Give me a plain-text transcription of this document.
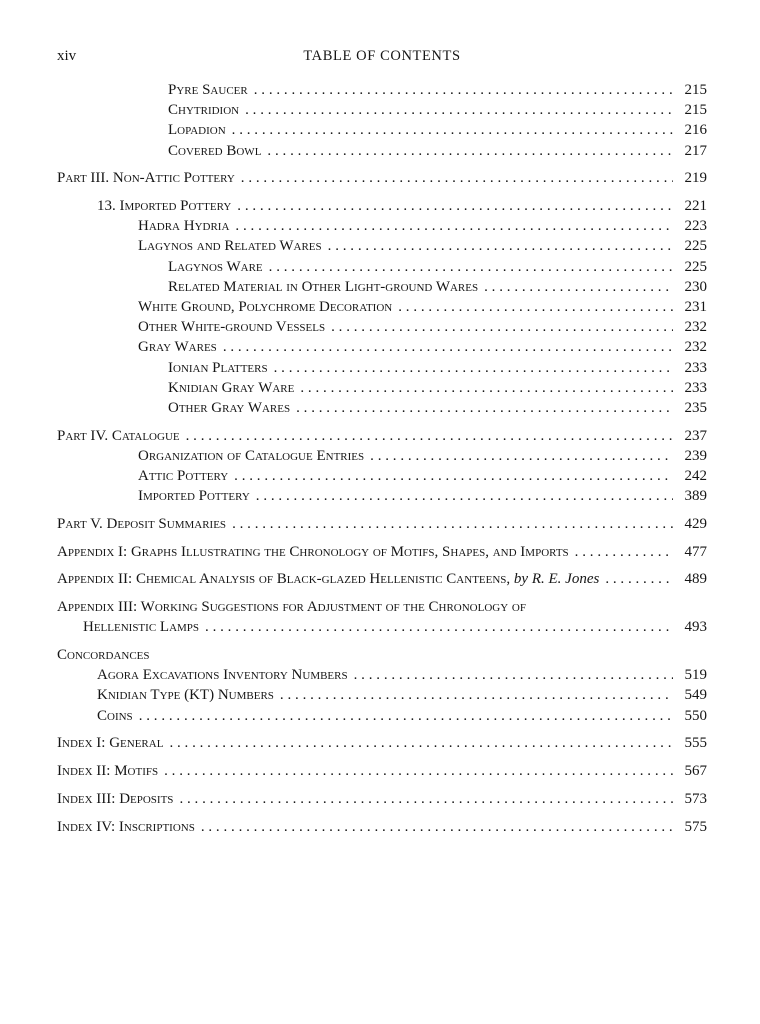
xiv	TABLE OF CONTENTS
Pyre Saucer .....	215
Chytridion .....	215
Lopadion .....	216
Covered Bowl .....	217
Part III. Non-Attic Pottery .....	219
13. Imported Pottery .....	221
Hadra Hydria .....	223
Lagynos and Related Wares .....	225
Lagynos Ware .....	225
Related Material in Other Light-ground Wares .....	230
White Ground, Polychrome Decoration .....	231
Other White-ground Vessels .....	232
Gray Wares .....	232
Ionian Platters .....	233
Knidian Gray Ware .....	233
Other Gray Wares .....	235
Part IV. Catalogue .....	237
Organization of Catalogue Entries .....	239
Attic Pottery .....	242
Imported Pottery .....	389
Part V. Deposit Summaries .....	429
Appendix I: Graphs Illustrating the Chronology of Motifs, Shapes, and Imports .....	477
Appendix II: Chemical Analysis of Black-glazed Hellenistic Canteens, by R. E. Jones .....	489
Appendix III: Working Suggestions for Adjustment of the Chronology of
Hellenistic Lamps .....	493
Concordances
Agora Excavations Inventory Numbers .....	519
Knidian Type (KT) Numbers .....	549
Coins .....	550
Index I: General .....	555
Index II: Motifs .....	567
Index III: Deposits .....	573
Index IV: Inscriptions .....	575
